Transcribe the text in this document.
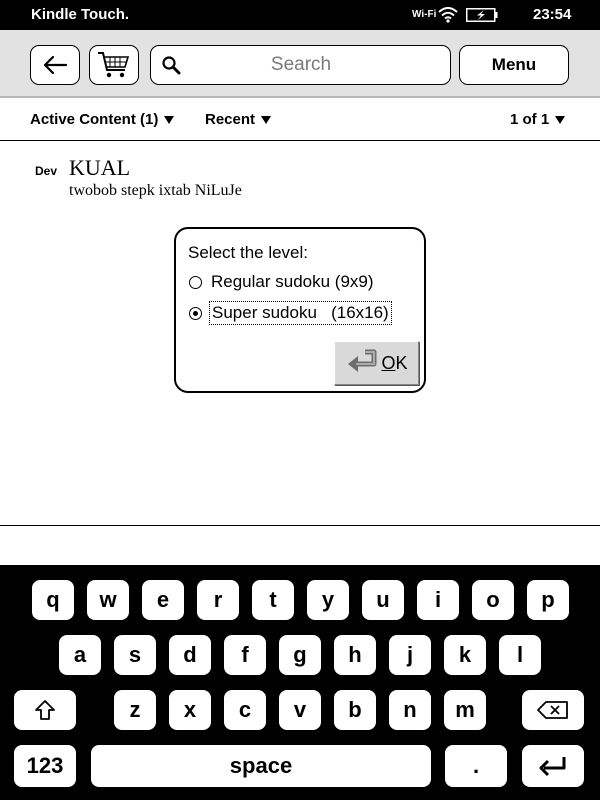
Kindle Touch.	Wi-Fi	23:54
Search
Menu
Active Content (1)	Recent	1 of 1
Dev KUAL
twobob stepk ixtab NiLuJe
Select the level:
Regular sudoku (9x9)
Super sudoku   (16x16)
OK
q	w	e	r	t	y	u	i	o	p
a	s	d	f	g	h	j	k	l
z	x	c	v	b	n	m
123	space	.
